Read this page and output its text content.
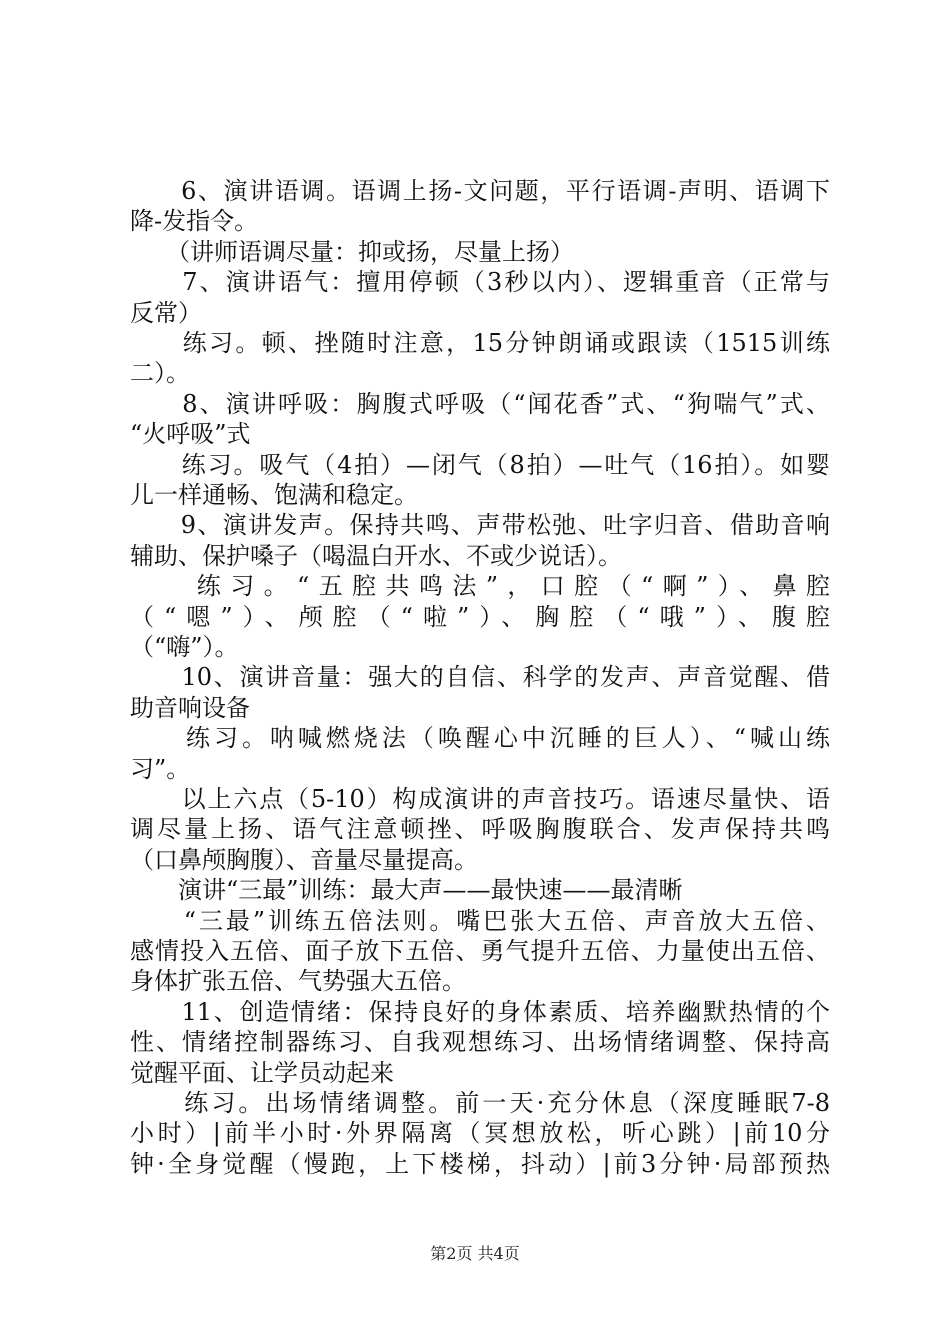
　　6、演讲语调。语调上扬-文问题，平行语调-声明、语调下
降-发指令。
　　（讲师语调尽量：抑或扬，尽量上扬）
　　7、演讲语气：擅用停顿（3秒以内）、逻辑重音（正常与
反常）
　　练习。顿、挫随时注意，15分钟朗诵或跟读（1515训练
二）。
　　8、演讲呼吸：胸腹式呼吸（“闻花香”式、“狗喘气”式、
“火呼吸”式
　　练习。吸气（4拍）—闭气（8拍）—吐气（16拍）。如婴
儿一样通畅、饱满和稳定。
　　9、演讲发声。保持共鸣、声带松弛、吐字归音、借助音响
辅助、保护嗓子（喝温白开水、不或少说话）。
　　练习。“五腔共鸣法”，口腔（“啊”）、鼻腔
（“嗯”）、颅腔（“啦”）、胸腔（“哦”）、腹腔
（“嗨”）。
　　10、演讲音量：强大的自信、科学的发声、声音觉醒、借
助音响设备
　　练习。呐喊燃烧法（唤醒心中沉睡的巨人）、“喊山练
习”。
　　以上六点（5-10）构成演讲的声音技巧。语速尽量快、语
调尽量上扬、语气注意顿挫、呼吸胸腹联合、发声保持共鸣
（口鼻颅胸腹）、音量尽量提高。
　　演讲“三最”训练：最大声——最快速——最清晰
　　“三最”训练五倍法则。嘴巴张大五倍、声音放大五倍、
感情投入五倍、面子放下五倍、勇气提升五倍、力量使出五倍、
身体扩张五倍、气势强大五倍。
　　11、创造情绪：保持良好的身体素质、培养幽默热情的个
性、情绪控制器练习、自我观想练习、出场情绪调整、保持高
觉醒平面、让学员动起来
　　练习。出场情绪调整。前一天·充分休息（深度睡眠7-8
小时）|前半小时·外界隔离（冥想放松，听心跳）|前10分
钟·全身觉醒（慢跑，上下楼梯，抖动）|前3分钟·局部预热
第2页 共4页
